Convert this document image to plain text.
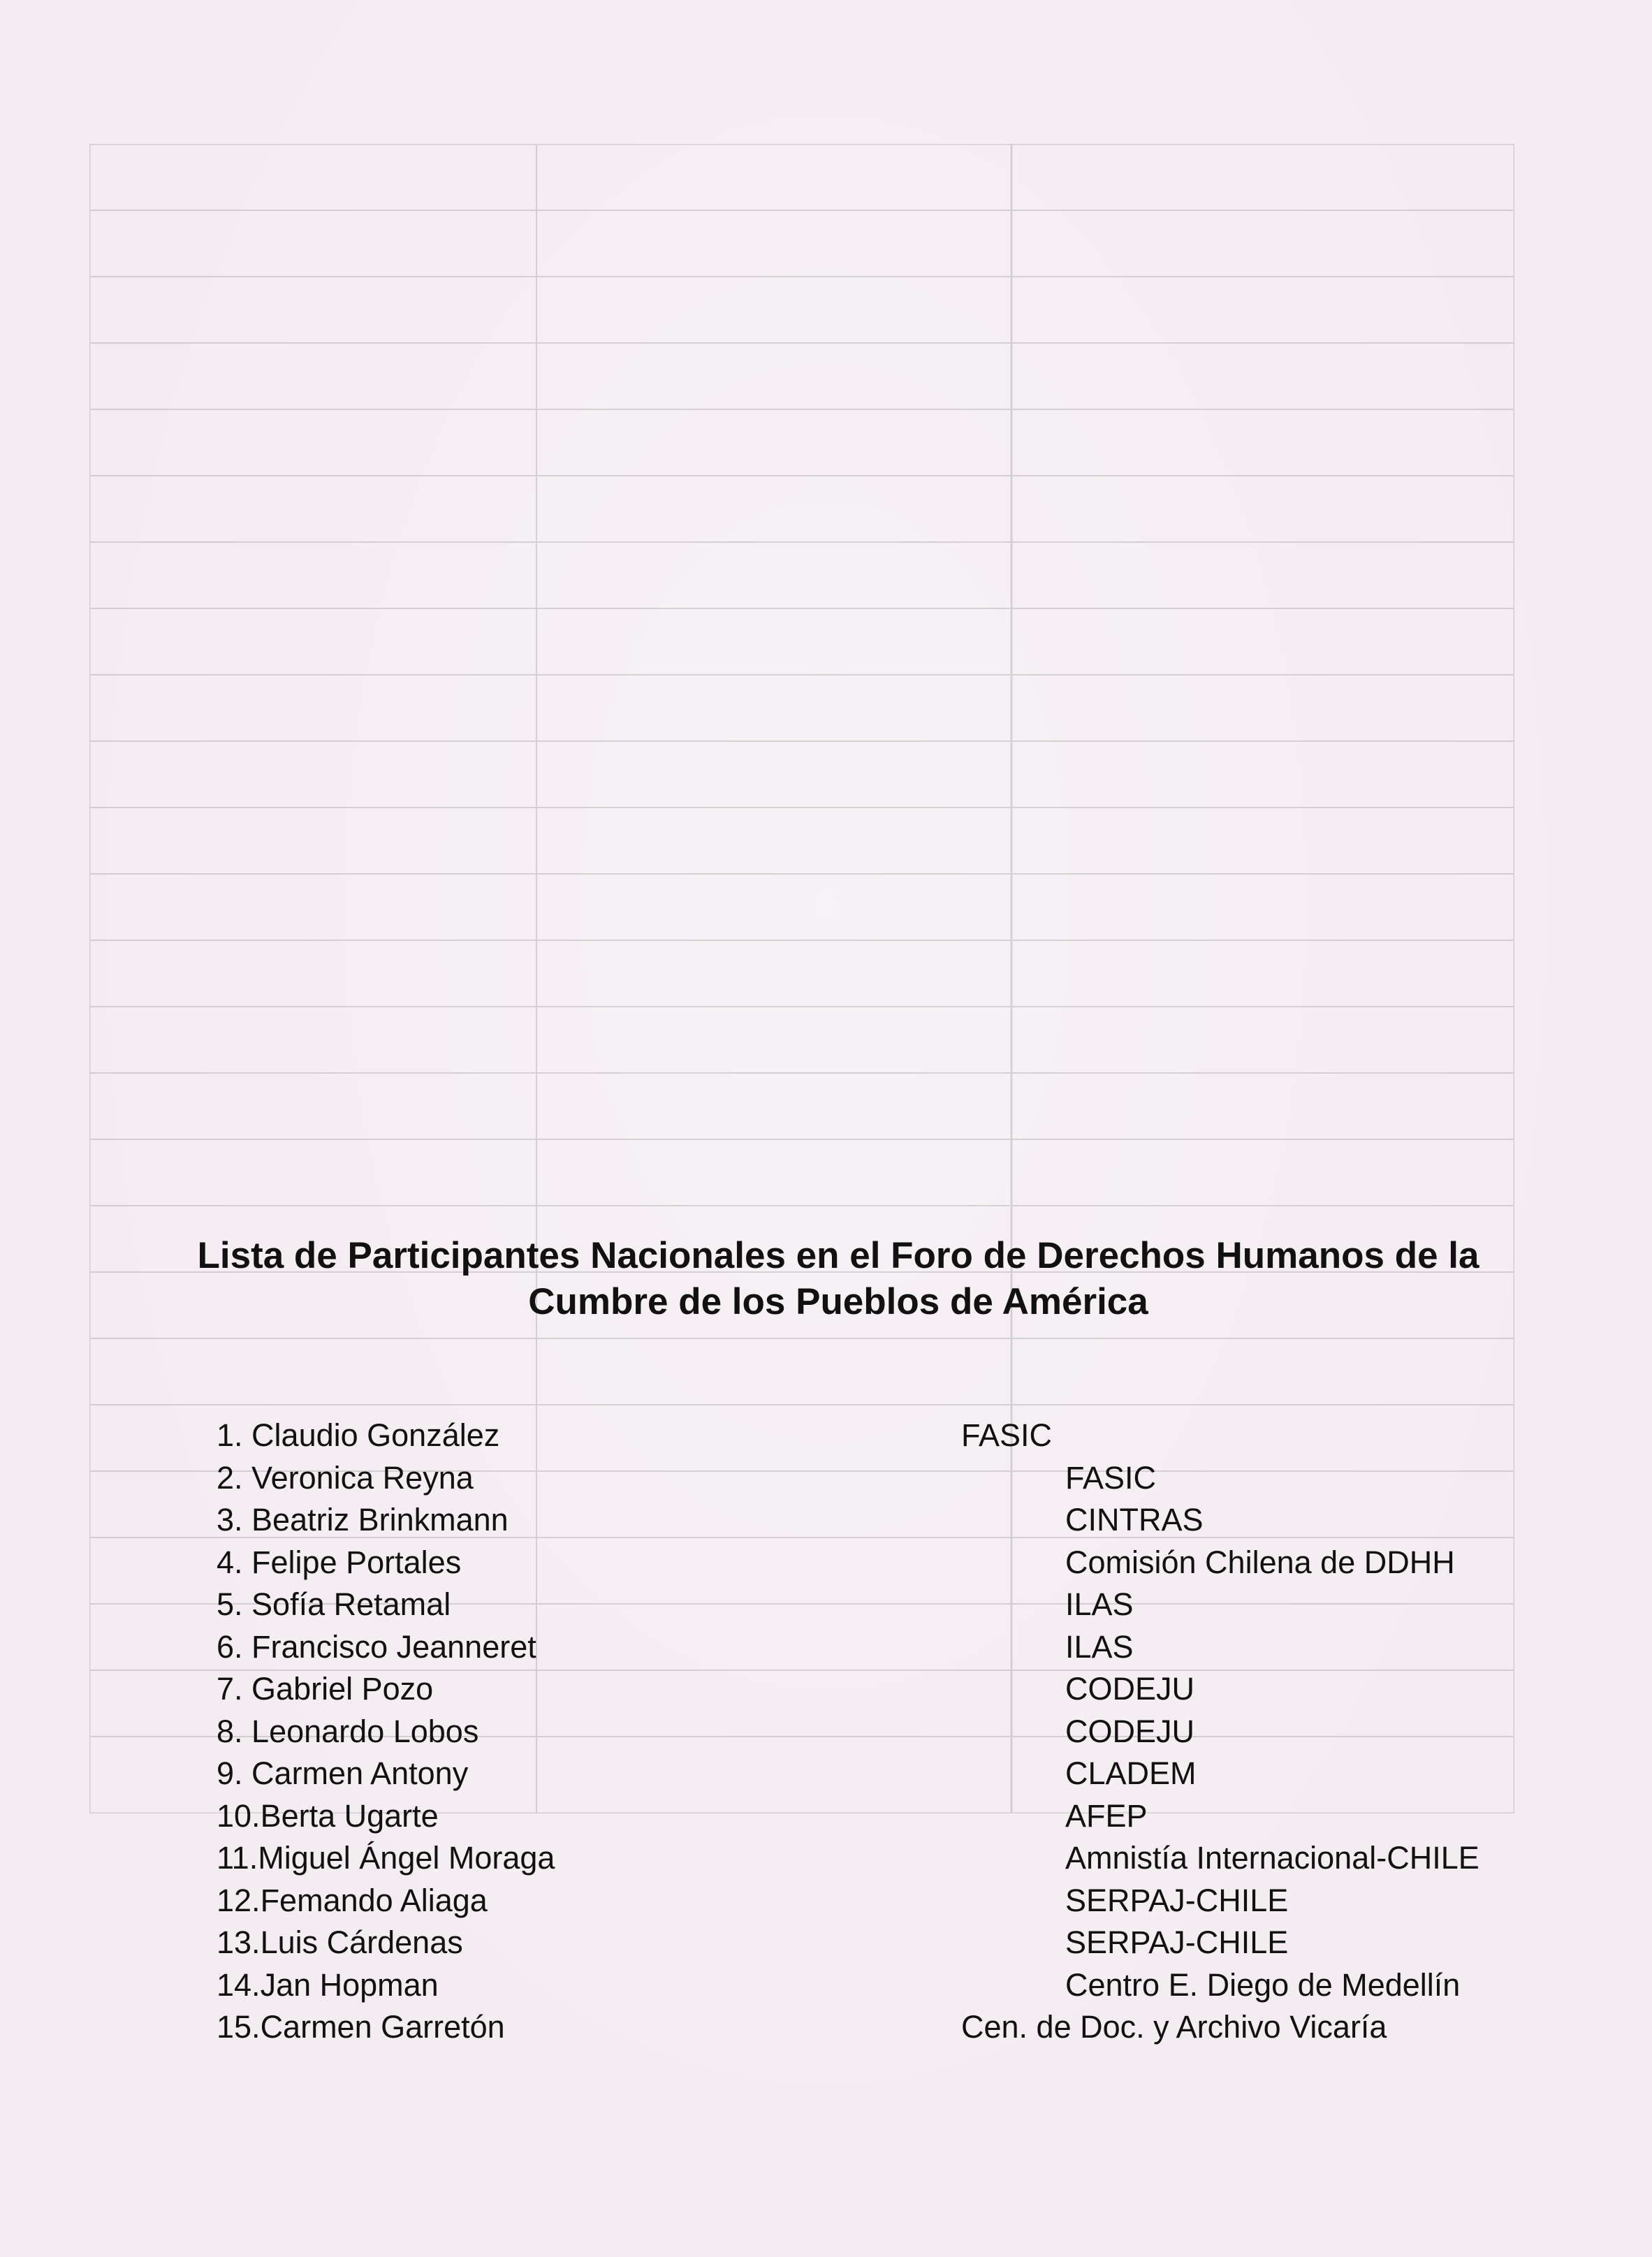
Lista de Participantes Nacionales en el Foro de Derechos Humanos de la
Cumbre de los Pueblos de América
1. Claudio González
2. Veronica Reyna
3. Beatriz Brinkmann
4. Felipe Portales
5. Sofía Retamal
6. Francisco Jeanneret
7. Gabriel Pozo
8. Leonardo Lobos
9. Carmen Antony
10.Berta Ugarte
11.Miguel Ángel Moraga
12.Femando Aliaga
13.Luis Cárdenas
14.Jan Hopman
15.Carmen Garretón
FASIC
FASIC
CINTRAS
Comisión Chilena de DDHH
ILAS
ILAS
CODEJU
CODEJU
CLADEM
AFEP
Amnistía Internacional-CHILE
SERPAJ-CHILE
SERPAJ-CHILE
Centro E. Diego de Medellín
Cen. de Doc. y Archivo Vicaría
